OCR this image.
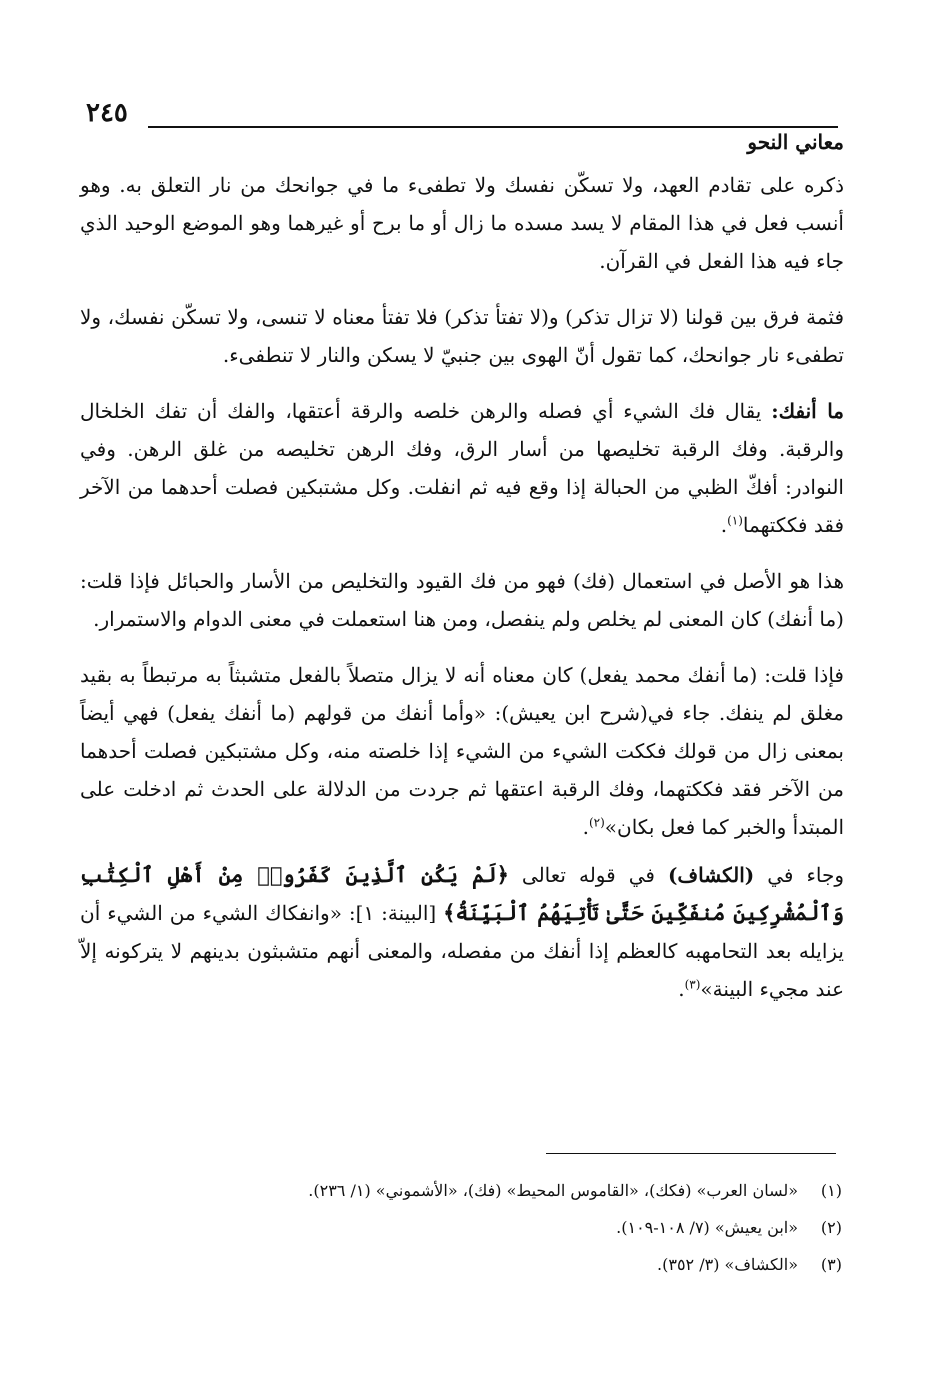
٢٤٥
معاني النحو

ذكره على تقادم العهد، ولا تسكّن نفسك ولا تطفىء ما في جوانحك من نار التعلق به. وهو أنسب فعل في هذا المقام لا يسد مسده ما زال أو ما برح أو غيرهما وهو الموضع الوحيد الذي جاء فيه هذا الفعل في القرآن.

فثمة فرق بين قولنا (لا تزال تذكر) و(لا تفتأ تذكر) فلا تفتأ معناه لا تنسى، ولا تسكّن نفسك، ولا تطفىء نار جوانحك، كما تقول أنّ الهوى بين جنبيّ لا يسكن والنار لا تنطفىء.

ما أنفك: يقال فك الشيء أي فصله والرهن خلصه والرقة أعتقها، والفك أن تفك الخلخال والرقبة. وفك الرقبة تخليصها من أسار الرق، وفك الرهن تخليصه من غلق الرهن. وفي النوادر: أفكّ الظبي من الحبالة إذا وقع فيه ثم انفلت. وكل مشتبكين فصلت أحدهما من الآخر فقد فككتهما$^{(١)}$.

هذا هو الأصل في استعمال (فك) فهو من فك القيود والتخليص من الأسار والحبائل فإذا قلت: (ما أنفك) كان المعنى لم يخلص ولم ينفصل، ومن هنا استعملت في معنى الدوام والاستمرار.

فإذا قلت: (ما أنفك محمد يفعل) كان معناه أنه لا يزال متصلاً بالفعل متشبثاً به مرتبطاً به بقيد مغلق لم ينفك. جاء في(شرح ابن يعيش): «وأما أنفك من قولهم (ما أنفك يفعل) فهي أيضاً بمعنى زال من قولك فككت الشيء من الشيء إذا خلصته منه، وكل مشتبكين فصلت أحدهما من الآخر فقد فككتهما، وفك الرقبة اعتقها ثم جردت من الدلالة على الحدث ثم ادخلت على المبتدأ والخبر كما فعل بكان»$^{(٢)}$.

وجاء في (الكشاف) في قوله تعالى ﴿لَمْ يَكُنِ ٱلَّذِينَ كَفَرُوا۟ مِنْ أَهْلِ ٱلْكِتَٰبِ وَٱلْمُشْرِكِينَ مُنفَكِّينَ حَتَّىٰ تَأْتِيَهُمُ ٱلْبَيِّنَةُ﴾ [البينة: ١]: «وانفكاك الشيء من الشيء أن يزايله بعد التحامهبه كالعظم إذا أنفك من مفصله، والمعنى أنهم متشبثون بدينهم لا يتركونه إلاّ عند مجيء البينة»$^{(٣)}$.

(١)«لسان العرب» (فكك)، «القاموس المحيط» (فك)، «الأشموني» (١/ ٢٣٦).
(٢)«ابن يعيش» (٧/ ١٠٨-١٠٩).
(٣)«الكشاف» (٣/ ٣٥٢).
